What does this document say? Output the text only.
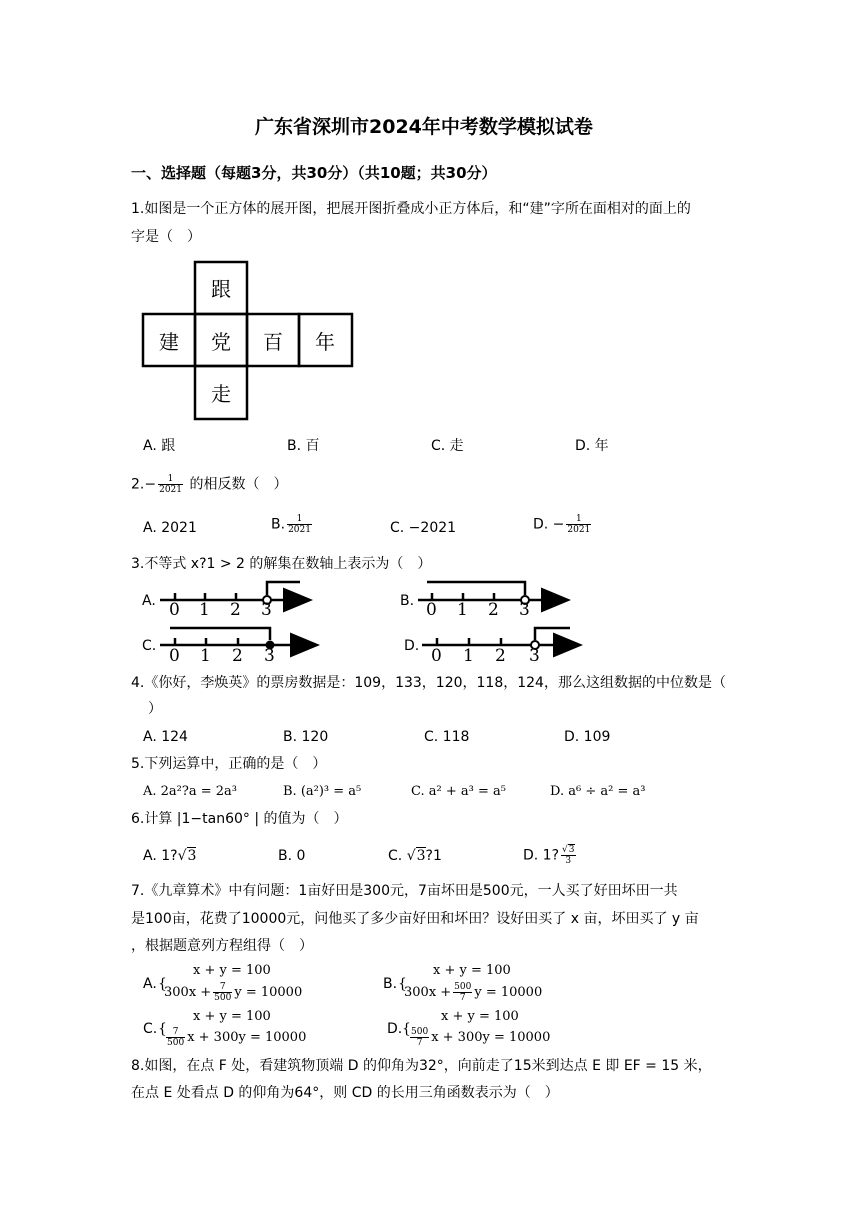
广东省深圳市2024年中考数学模拟试卷
一、选择题（每题3分，共30分）（共10题；共30分）
1.如图是一个正方体的展开图，把展开图折叠成小正方体后，和“建”字所在面相对的面上的
字是（　）
跟
建 党 百 年
走
A. 跟	B. 百	C. 走	D. 年
$2.- \frac{1}{2021}$ 的相反数（　）
A. 2021	B. $\frac{1}{2021}$	C. −2021	D. − $\frac{1}{2021}$
3.不等式 x?1 > 2 的解集在数轴上表示为（　）
A.	B.
C.	D.
0 1 2 3	0 1 2 3
0 1 2 3	0 1 2 3
4.《你好，李焕英》的票房数据是：109，133，120，118，124，那么这组数据的中位数是（
）
A. 124	B. 120	C. 118	D. 109
5.下列运算中，正确的是（　）
A. 2a²?a = 2a³	B. (a²)³ = a⁵	C. a² + a³ = a⁵	D. a⁶ ÷ a² = a³
6.计算 |1−tan60° | 的值为（　）
A. 1?√3	B. 0	C. √3?1	D. 1? $\frac{√3}{3}$
7.《九章算术》中有问题：1亩好田是300元，7亩坏田是500元，一人买了好田坏田一共
是100亩，花费了10000元，问他买了多少亩好田和坏田？设好田买了 x 亩，坏田买了 y 亩
，根据题意列方程组得（　）
A. {
x + y = 100
$300x + \frac{7}{500}$ y = 10000
B. {
x + y = 100
$300x + \frac{500}{7}$ y = 10000
C. {
x + y = 100
$\frac{7}{500}$ x + 300y = 10000
D. {
x + y = 100
$\frac{500}{7}$ x + 300y = 10000
8.如图，在点 F 处，看建筑物顶端 D 的仰角为32°，向前走了15米到达点 E 即 EF = 15 米，
在点 E 处看点 D 的仰角为64°，则 CD 的长用三角函数表示为（　）
